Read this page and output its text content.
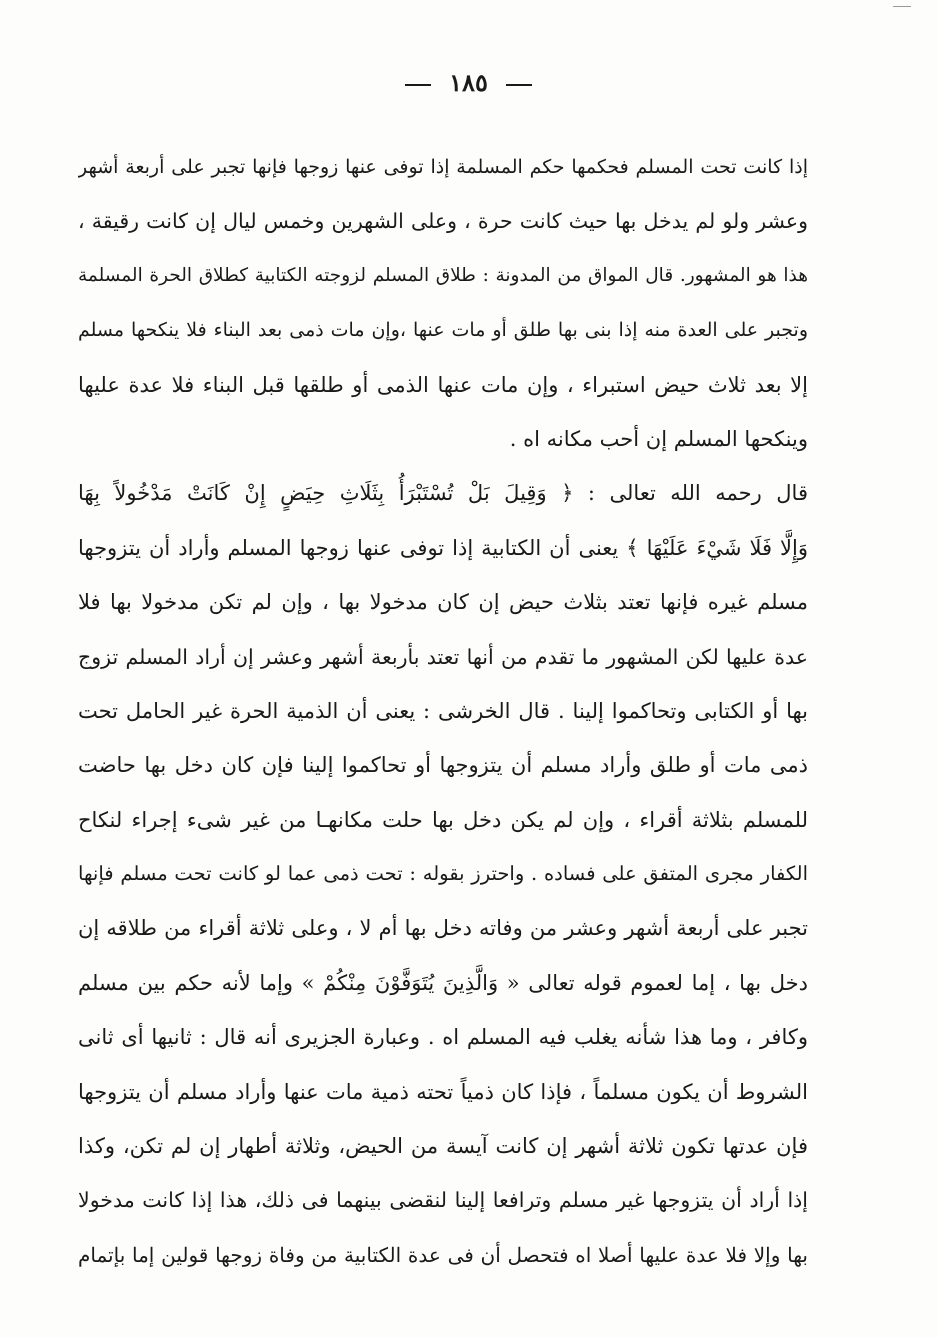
١٨٥
إذا كانت تحت المسلم فحكمها حكم المسلمة إذا توفى عنها زوجها فإنها تجبر على أربعة أشهر
وعشر ولو لم يدخل بها حيث كانت حرة ، وعلى الشهرين وخمس ليال إن كانت رقيقة ،
هذا هو المشهور. قال المواق من المدونة : طلاق المسلم لزوجته الكتابية كطلاق الحرة المسلمة
وتجبر على العدة منه إذا بنى بها طلق أو مات عنها ،وإن مات ذمى بعد البناء فلا ينكحها مسلم
إلا بعد ثلاث حيض استبراء ، وإن مات عنها الذمى أو طلقها قبل البناء فلا عدة عليها
وينكحها المسلم إن أحب مكانه اه .
قال رحمه الله تعالى : ﴿ وَقِيلَ بَلْ تُسْتَبْرَأُ بِثَلَاثِ حِيَضٍ إِنْ كَانَتْ مَدْخُولاً بِهَا
وَإِلَّا فَلَا شَيْءَ عَلَيْهَا ﴾ يعنى أن الكتابية إذا توفى عنها زوجها المسلم وأراد أن يتزوجها
مسلم غيره فإنها تعتد بثلاث حيض إن كان مدخولا بها ، وإن لم تكن مدخولا بها فلا
عدة عليها لكن المشهور ما تقدم من أنها تعتد بأربعة أشهر وعشر إن أراد المسلم تزوج
بها أو الكتابى وتحاكموا إلينا . قال الخرشى : يعنى أن الذمية الحرة غير الحامل تحت
ذمى مات أو طلق وأراد مسلم أن يتزوجها أو تحاكموا إلينا فإن كان دخل بها حاضت
للمسلم بثلاثة أقراء ، وإن لم يكن دخل بها حلت مكانهـا من غير شىء إجراء لنكاح
الكفار مجرى المتفق على فساده . واحترز بقوله : تحت ذمى عما لو كانت تحت مسلم فإنها
تجبر على أربعة أشهر وعشر من وفاته دخل بها أم لا ، وعلى ثلاثة أقراء من طلاقه إن
دخل بها ، إما لعموم قوله تعالى « وَالَّذِينَ يُتَوَفَّوْنَ مِنْكُمْ » وإما لأنه حكم بين مسلم
وكافر ، وما هذا شأنه يغلب فيه المسلم اه . وعبارة الجزيرى أنه قال : ثانيها أى ثانى
الشروط أن يكون مسلماً ، فإذا كان ذمياً تحته ذمية مات عنها وأراد مسلم أن يتزوجها
فإن عدتها تكون ثلاثة أشهر إن كانت آيسة من الحيض، وثلاثة أطهار إن لم تكن، وكذا
إذا أراد أن يتزوجها غير مسلم وترافعا إلينا لنقضى بينهما فى ذلك، هذا إذا كانت مدخولا
بها وإلا فلا عدة عليها أصلا اه فتحصل أن فى عدة الكتابية من وفاة زوجها قولين إما بإتمام
